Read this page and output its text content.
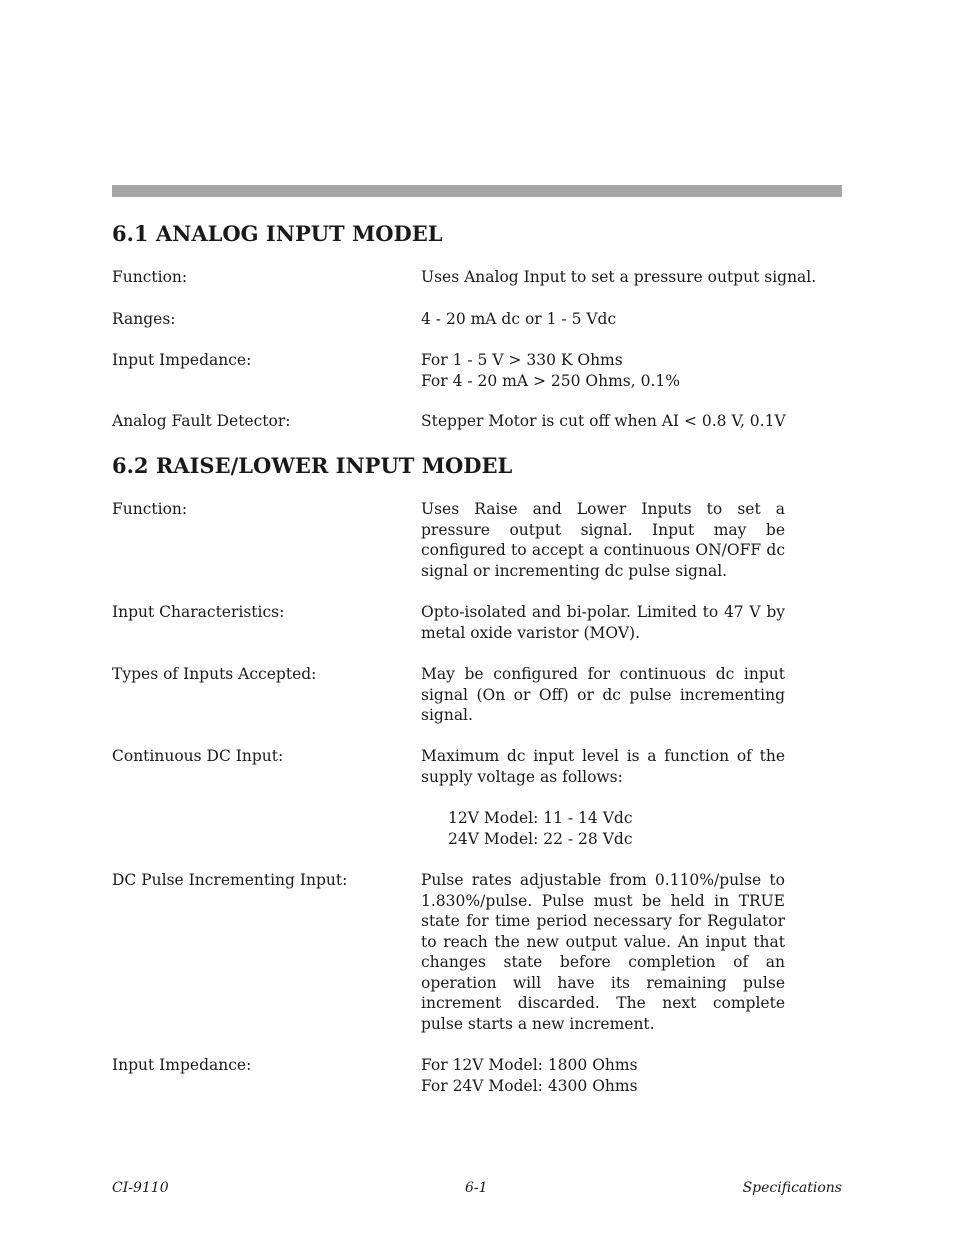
6.1 ANALOG INPUT MODEL
Function:	Uses Analog Input to set a pressure output signal.
Ranges:	4 - 20 mA dc or 1 - 5 Vdc
Input Impedance:	For 1 - 5 V > 330 K Ohms
For 4 - 20 mA > 250 Ohms, 0.1%
Analog Fault Detector:	Stepper Motor is cut off when AI < 0.8 V, 0.1V
6.2 RAISE/LOWER INPUT MODEL
Function:	Uses Raise and Lower Inputs to set a pressure output signal. Input may be configured to accept a continuous ON/OFF dc signal or incrementing dc pulse signal.
Input Characteristics:	Opto-isolated and bi-polar. Limited to 47 V by metal oxide varistor (MOV).
Types of Inputs Accepted:	May be configured for continuous dc input signal (On or Off) or dc pulse incrementing signal.
Continuous DC Input:	Maximum dc input level is a function of the supply voltage as follows:
12V Model: 11 - 14 Vdc
24V Model: 22 - 28 Vdc
DC Pulse Incrementing Input:	Pulse rates adjustable from 0.110%/pulse to 1.830%/pulse. Pulse must be held in TRUE state for time period necessary for Regulator to reach the new output value. An input that changes state before completion of an operation will have its remaining pulse increment discarded. The next complete pulse starts a new increment.
Input Impedance:	For 12V Model: 1800 Ohms
For 24V Model: 4300 Ohms
CI-9110	6-1	Specifications
